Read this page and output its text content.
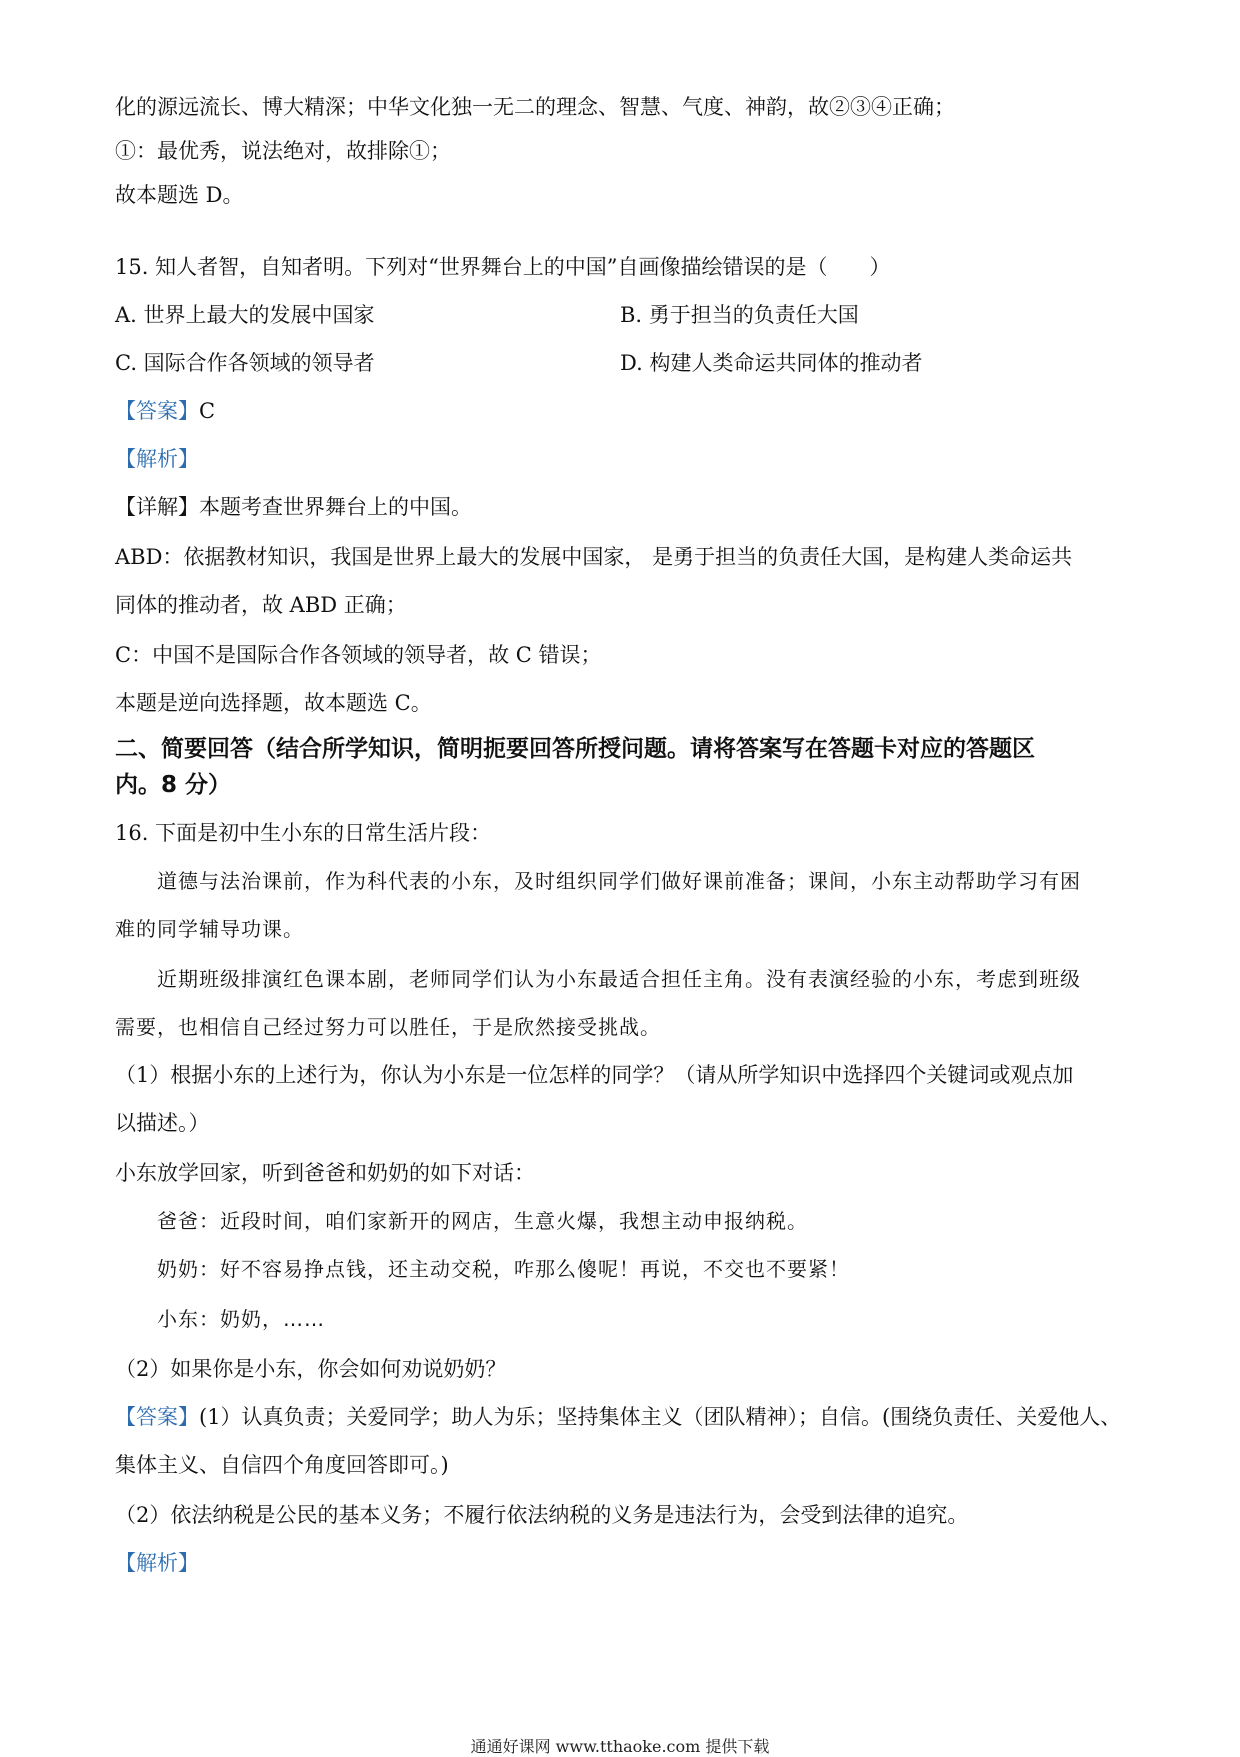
化的源远流长、博大精深；中华文化独一无二的理念、智慧、气度、神韵，故②③④正确；
①：最优秀，说法绝对，故排除①；
故本题选 D。
15. 知人者智，自知者明。下列对“世界舞台上的中国”自画像描绘错误的是（　　）
A. 世界上最大的发展中国家	B. 勇于担当的负责任大国
C. 国际合作各领域的领导者	D. 构建人类命运共同体的推动者
【答案】C
【解析】
【详解】本题考查世界舞台上的中国。
ABD：依据教材知识，我国是世界上最大的发展中国家， 是勇于担当的负责任大国，是构建人类命运共
同体的推动者，故 ABD 正确；
C：中国不是国际合作各领域的领导者，故 C 错误；
本题是逆向选择题，故本题选 C。
二、简要回答（结合所学知识，简明扼要回答所授问题。请将答案写在答题卡对应的答题区
内。8 分）
16. 下面是初中生小东的日常生活片段：
道德与法治课前，作为科代表的小东，及时组织同学们做好课前准备；课间，小东主动帮助学习有困
难的同学辅导功课。
近期班级排演红色课本剧，老师同学们认为小东最适合担任主角。没有表演经验的小东，考虑到班级
需要，也相信自己经过努力可以胜任，于是欣然接受挑战。
（1）根据小东的上述行为，你认为小东是一位怎样的同学？（请从所学知识中选择四个关键词或观点加
以描述。）
小东放学回家，听到爸爸和奶奶的如下对话：
爸爸：近段时间，咱们家新开的网店，生意火爆，我想主动申报纳税。
奶奶：好不容易挣点钱，还主动交税，咋那么傻呢！再说，不交也不要紧！
小东：奶奶，……
（2）如果你是小东，你会如何劝说奶奶？
【答案】(1）认真负责；关爱同学；助人为乐；坚持集体主义（团队精神）；自信。(围绕负责任、关爱他人、
集体主义、自信四个角度回答即可。)
（2）依法纳税是公民的基本义务；不履行依法纳税的义务是违法行为，会受到法律的追究。
【解析】
通通好课网 www.tthaoke.com 提供下载
